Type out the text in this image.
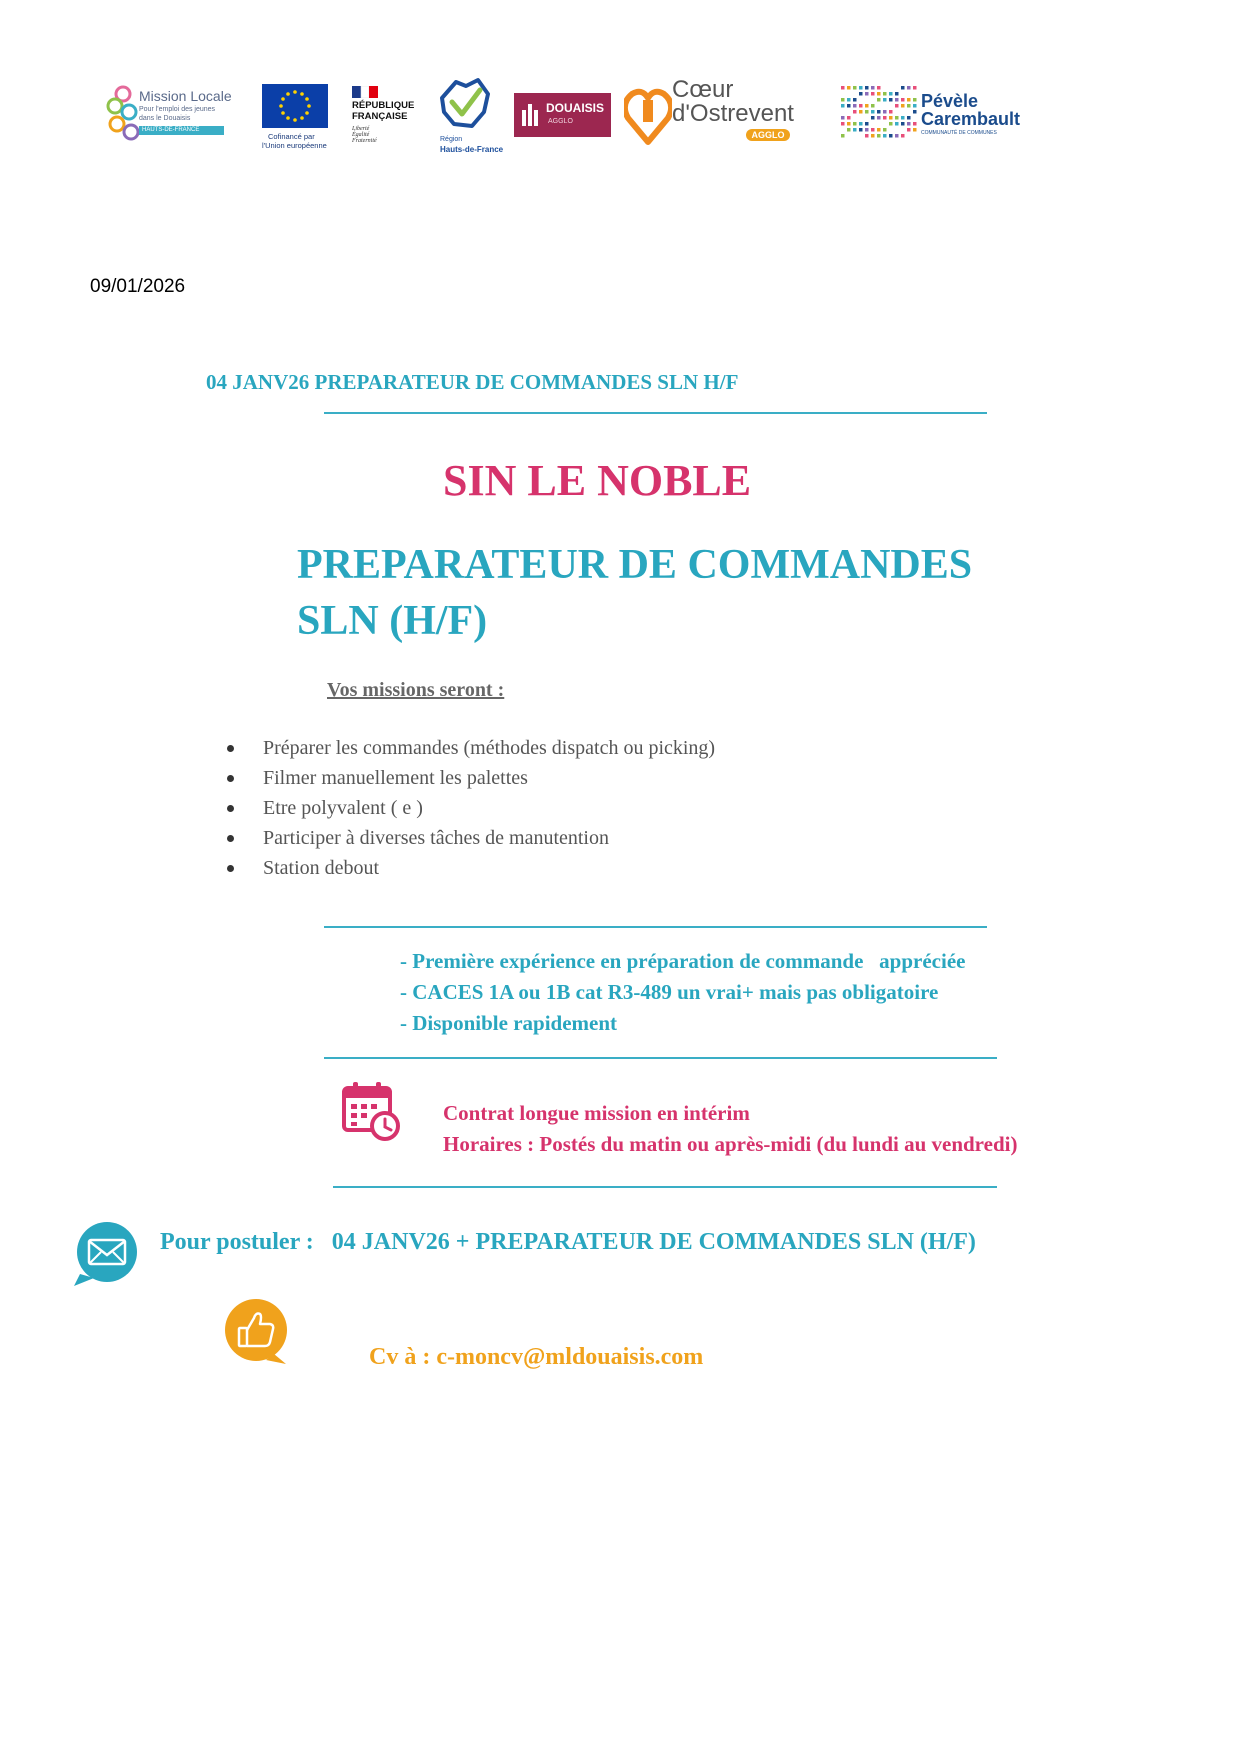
Mission Locale
Pour l'emploi des jeunes
dans le Douaisis
HAUTS-DE-FRANCE
Cofinancé par
l'Union européenne
RÉPUBLIQUE
FRANÇAISE
Liberté
Égalité
Fraternité	Région
Hauts-de-France
DOUAISIS
AGGLO
Cœur
d'Ostrevent
AGGLO
Pévèle
Carembault
COMMUNAUTÉ DE COMMUNES
09/01/2026
04 JANV26 PREPARATEUR DE COMMANDES SLN H/F
SIN LE NOBLE
PREPARATEUR DE COMMANDES
SLN (H/F)
Vos missions seront :
Préparer les commandes (méthodes dispatch ou picking)
Filmer manuellement les palettes
Etre polyvalent ( e )
Participer à diverses tâches de manutention
Station debout
- Première expérience en préparation de commande   appréciée
- CACES 1A ou 1B cat R3-489 un vrai+ mais pas obligatoire
- Disponible rapidement
Contrat longue mission en intérim
Horaires : Postés du matin ou après-midi (du lundi au vendredi)
Pour postuler :   04 JANV26 + PREPARATEUR DE COMMANDES SLN (H/F)
Cv à : c-moncv@mldouaisis.com
